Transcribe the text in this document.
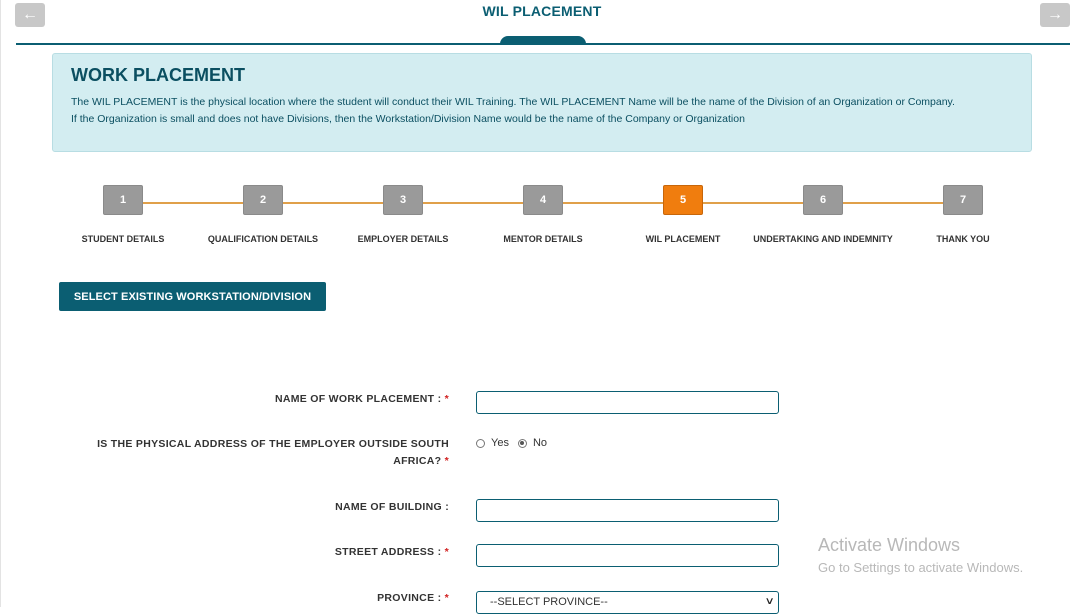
←	WIL PLACEMENT	→
WORK PLACEMENT
The WIL PLACEMENT is the physical location where the student will conduct their WIL Training. The WIL PLACEMENT Name will be the name of the Division of an Organization or Company.
If the Organization is small and does not have Divisions, then the Workstation/Division Name would be the name of the Company or Organization
1	2	3	4	5	6	7
STUDENT DETAILS	QUALIFICATION DETAILS	EMPLOYER DETAILS	MENTOR DETAILS	WIL PLACEMENT	UNDERTAKING AND INDEMNITY	THANK YOU
SELECT EXISTING WORKSTATION/DIVISION
NAME OF WORK PLACEMENT : *
IS THE PHYSICAL ADDRESS OF THE EMPLOYER OUTSIDE SOUTH
AFRICA? *
Yes No
NAME OF BUILDING :
STREET ADDRESS : *
PROVINCE : *	--SELECT PROVINCE--	∨
Activate Windows
Go to Settings to activate Windows.
